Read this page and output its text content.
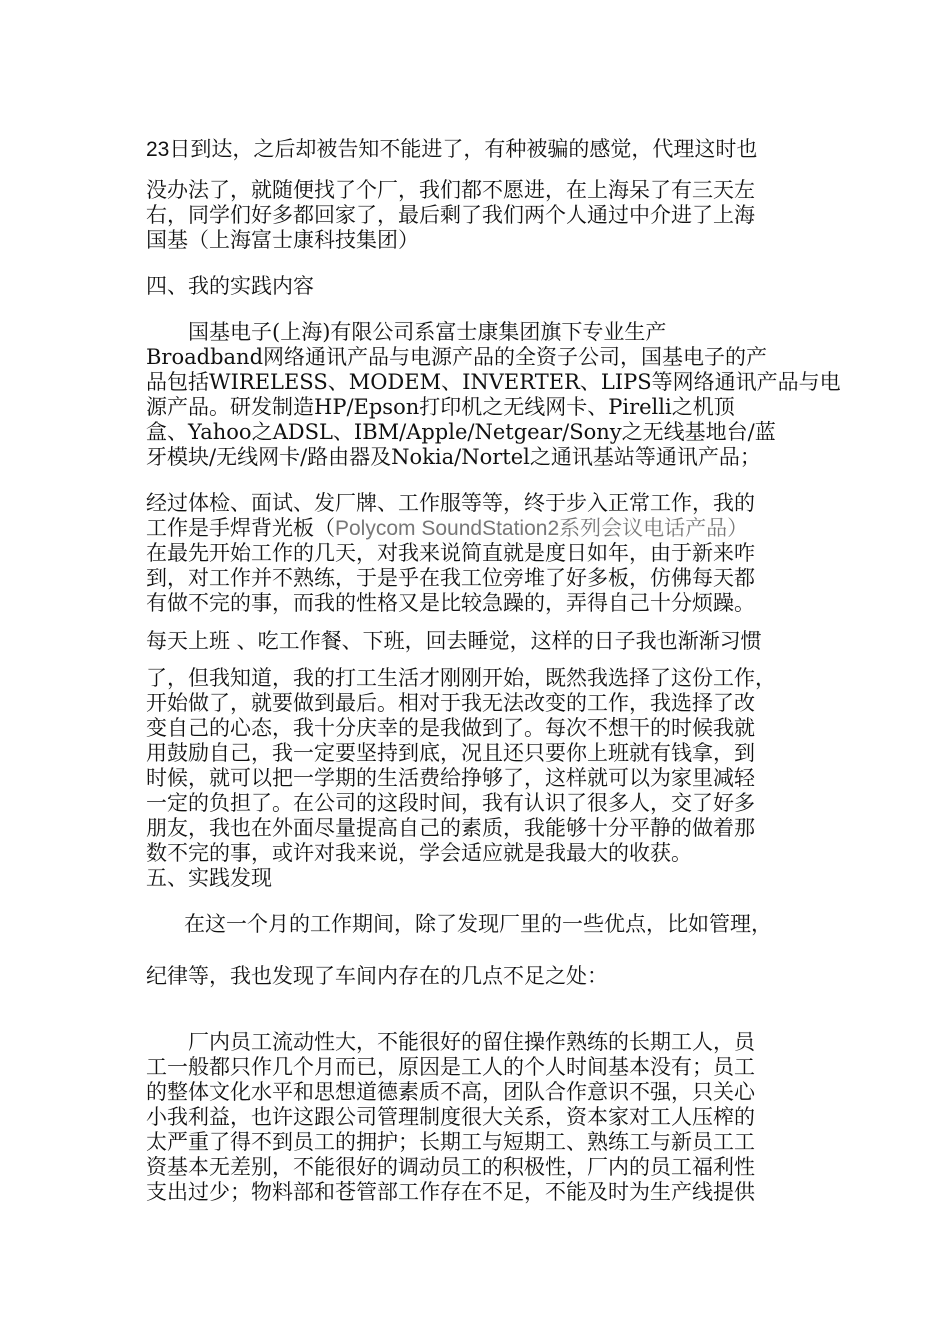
23日到达，之后却被告知不能进了，有种被骗的感觉，代理这时也
没办法了，就随便找了个厂，我们都不愿进，在上海呆了有三天左
右，同学们好多都回家了，最后剩了我们两个人通过中介进了上海
国基（上海富士康科技集团）
四、我的实践内容
国基电子(上海)有限公司系富士康集团旗下专业生产
Broadband网络通讯产品与电源产品的全资子公司，国基电子的产
品包括WIRELESS、MODEM、INVERTER、LIPS等网络通讯产品与电
源产品。研发制造HP/Epson打印机之无线网卡、Pirelli之机顶
盒、Yahoo之ADSL、IBM/Apple/Netgear/Sony之无线基地台/蓝
牙模块/无线网卡/路由器及Nokia/Nortel之通讯基站等通讯产品；
经过体检、面试、发厂牌、工作服等等，终于步入正常工作，我的
工作是手焊背光板（Polycom SoundStation2系列会议电话产品）
在最先开始工作的几天，对我来说简直就是度日如年，由于新来咋
到，对工作并不熟练，于是乎在我工位旁堆了好多板，仿佛每天都
有做不完的事，而我的性格又是比较急躁的，弄得自己十分烦躁。
每天上班 、吃工作餐、下班，回去睡觉，这样的日子我也渐渐习惯
了，但我知道，我的打工生活才刚刚开始，既然我选择了这份工作，
开始做了，就要做到最后。相对于我无法改变的工作，我选择了改
变自己的心态，我十分庆幸的是我做到了。每次不想干的时候我就
用鼓励自己，我一定要坚持到底，况且还只要你上班就有钱拿，到
时候，就可以把一学期的生活费给挣够了，这样就可以为家里减轻
一定的负担了。在公司的这段时间，我有认识了很多人，交了好多
朋友，我也在外面尽量提高自己的素质，我能够十分平静的做着那
数不完的事，或许对我来说，学会适应就是我最大的收获。
五、实践发现
在这一个月的工作期间，除了发现厂里的一些优点，比如管理，
纪律等，我也发现了车间内存在的几点不足之处：
厂内员工流动性大，不能很好的留住操作熟练的长期工人，员
工一般都只作几个月而已，原因是工人的个人时间基本没有；员工
的整体文化水平和思想道德素质不高，团队合作意识不强，只关心
小我利益，也许这跟公司管理制度很大关系，资本家对工人压榨的
太严重了得不到员工的拥护；长期工与短期工、熟练工与新员工工
资基本无差别，不能很好的调动员工的积极性，厂内的员工福利性
支出过少；物料部和苍管部工作存在不足，不能及时为生产线提供
